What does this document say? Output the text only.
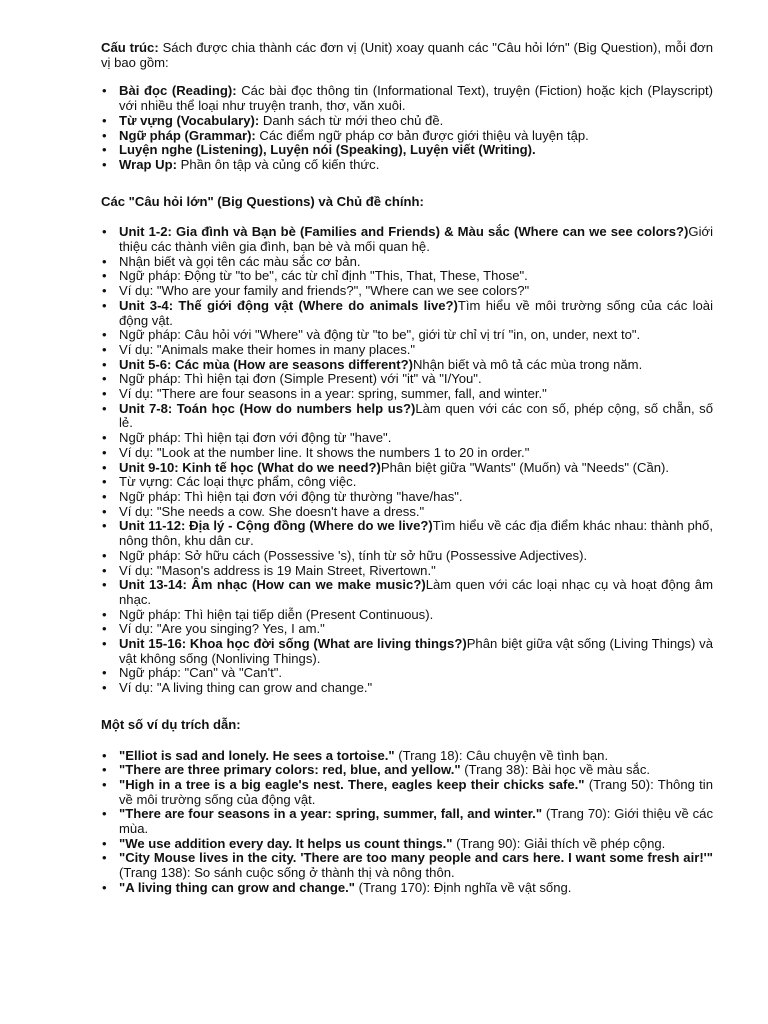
Cấu trúc: Sách được chia thành các đơn vị (Unit) xoay quanh các "Câu hỏi lớn" (Big Question), mỗi đơn vị bao gồm:

• Bài đọc (Reading): Các bài đọc thông tin (Informational Text), truyện (Fiction) hoặc kịch (Playscript) với nhiều thể loại như truyện tranh, thơ, văn xuôi.
• Từ vựng (Vocabulary): Danh sách từ mới theo chủ đề.
• Ngữ pháp (Grammar): Các điểm ngữ pháp cơ bản được giới thiệu và luyện tập.
• Luyện nghe (Listening), Luyện nói (Speaking), Luyện viết (Writing).
• Wrap Up: Phần ôn tập và củng cố kiến thức.

Các "Câu hỏi lớn" (Big Questions) và Chủ đề chính:

• Unit 1-2: Gia đình và Bạn bè (Families and Friends) & Màu sắc (Where can we see colors?)Giới thiệu các thành viên gia đình, bạn bè và mối quan hệ.
• Nhận biết và gọi tên các màu sắc cơ bản.
• Ngữ pháp: Động từ "to be", các từ chỉ định "This, That, These, Those".
• Ví dụ: "Who are your family and friends?", "Where can we see colors?"
• Unit 3-4: Thế giới động vật (Where do animals live?)Tìm hiểu về môi trường sống của các loài động vật.
• Ngữ pháp: Câu hỏi với "Where" và động từ "to be", giới từ chỉ vị trí "in, on, under, next to".
• Ví dụ: "Animals make their homes in many places."
• Unit 5-6: Các mùa (How are seasons different?)Nhận biết và mô tả các mùa trong năm.
• Ngữ pháp: Thì hiện tại đơn (Simple Present) với "it" và "I/You".
• Ví dụ: "There are four seasons in a year: spring, summer, fall, and winter."
• Unit 7-8: Toán học (How do numbers help us?)Làm quen với các con số, phép cộng, số chẵn, số lẻ.
• Ngữ pháp: Thì hiện tại đơn với động từ "have".
• Ví dụ: "Look at the number line. It shows the numbers 1 to 20 in order."
• Unit 9-10: Kinh tế học (What do we need?)Phân biệt giữa "Wants" (Muốn) và "Needs" (Cần).
• Từ vựng: Các loại thực phẩm, công việc.
• Ngữ pháp: Thì hiện tại đơn với động từ thường "have/has".
• Ví dụ: "She needs a cow. She doesn't have a dress."
• Unit 11-12: Địa lý - Cộng đồng (Where do we live?)Tìm hiểu về các địa điểm khác nhau: thành phố, nông thôn, khu dân cư.
• Ngữ pháp: Sở hữu cách (Possessive 's), tính từ sở hữu (Possessive Adjectives).
• Ví dụ: "Mason's address is 19 Main Street, Rivertown."
• Unit 13-14: Âm nhạc (How can we make music?)Làm quen với các loại nhạc cụ và hoạt động âm nhạc.
• Ngữ pháp: Thì hiện tại tiếp diễn (Present Continuous).
• Ví dụ: "Are you singing? Yes, I am."
• Unit 15-16: Khoa học đời sống (What are living things?)Phân biệt giữa vật sống (Living Things) và vật không sống (Nonliving Things).
• Ngữ pháp: "Can" và "Can't".
• Ví dụ: "A living thing can grow and change."

Một số ví dụ trích dẫn:

• "Elliot is sad and lonely. He sees a tortoise." (Trang 18): Câu chuyện về tình bạn.
• "There are three primary colors: red, blue, and yellow." (Trang 38): Bài học về màu sắc.
• "High in a tree is a big eagle's nest. There, eagles keep their chicks safe." (Trang 50): Thông tin về môi trường sống của động vật.
• "There are four seasons in a year: spring, summer, fall, and winter." (Trang 70): Giới thiệu về các mùa.
• "We use addition every day. It helps us count things." (Trang 90): Giải thích về phép cộng.
• "City Mouse lives in the city. 'There are too many people and cars here. I want some fresh air!'" (Trang 138): So sánh cuộc sống ở thành thị và nông thôn.
• "A living thing can grow and change." (Trang 170): Định nghĩa về vật sống.
